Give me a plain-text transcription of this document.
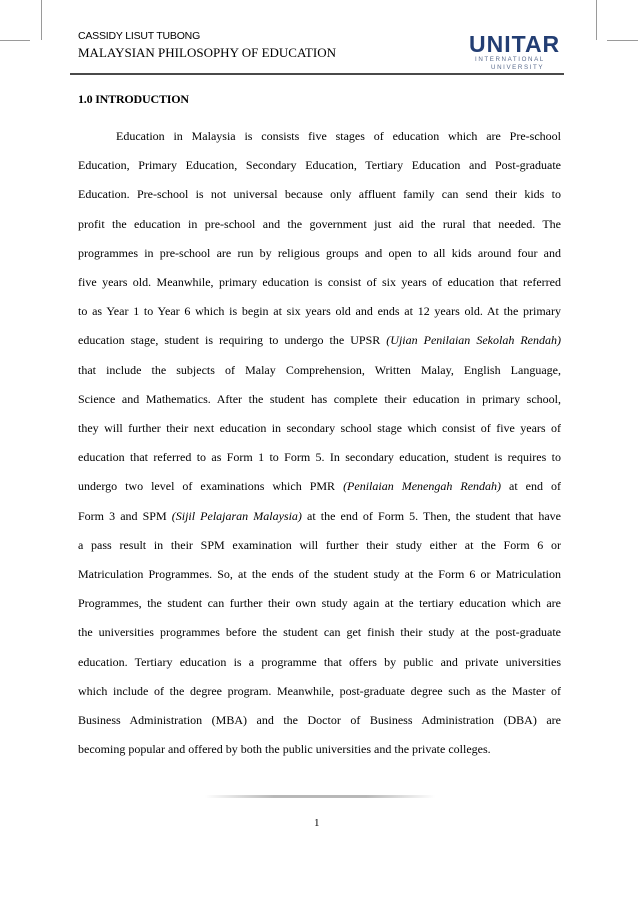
CASSIDY LISUT TUBONG
MALAYSIAN PHILOSOPHY OF EDUCATION	UNITAR
INTERNATIONAL
UNIVERSITY
1.0 INTRODUCTION
Education in Malaysia is consists five stages of education which are Pre-school
Education, Primary Education, Secondary Education, Tertiary Education and Post-graduate
Education. Pre-school is not universal because only affluent family can send their kids to
profit the education in pre-school and the government just aid the rural that needed. The
programmes in pre-school are run by religious groups and open to all kids around four and
five years old. Meanwhile, primary education is consist of six years of education that referred
to as Year 1 to Year 6 which is begin at six years old and ends at 12 years old. At the primary
education stage, student is requiring to undergo the UPSR (Ujian Penilaian Sekolah Rendah)
that include the subjects of Malay Comprehension, Written Malay, English Language,
Science and Mathematics. After the student has complete their education in primary school,
they will further their next education in secondary school stage which consist of five years of
education that referred to as Form 1 to Form 5. In secondary education, student is requires to
undergo two level of examinations which PMR (Penilaian Menengah Rendah) at end of
Form 3 and SPM (Sijil Pelajaran Malaysia) at the end of Form 5. Then, the student that have
a pass result in their SPM examination will further their study either at the Form 6 or
Matriculation Programmes. So, at the ends of the student study at the Form 6 or Matriculation
Programmes, the student can further their own study again at the tertiary education which are
the universities programmes before the student can get finish their study at the post-graduate
education. Tertiary education is a programme that offers by public and private universities
which include of the degree program. Meanwhile, post-graduate degree such as the Master of
Business Administration (MBA) and the Doctor of Business Administration (DBA) are
becoming popular and offered by both the public universities and the private colleges.
1
